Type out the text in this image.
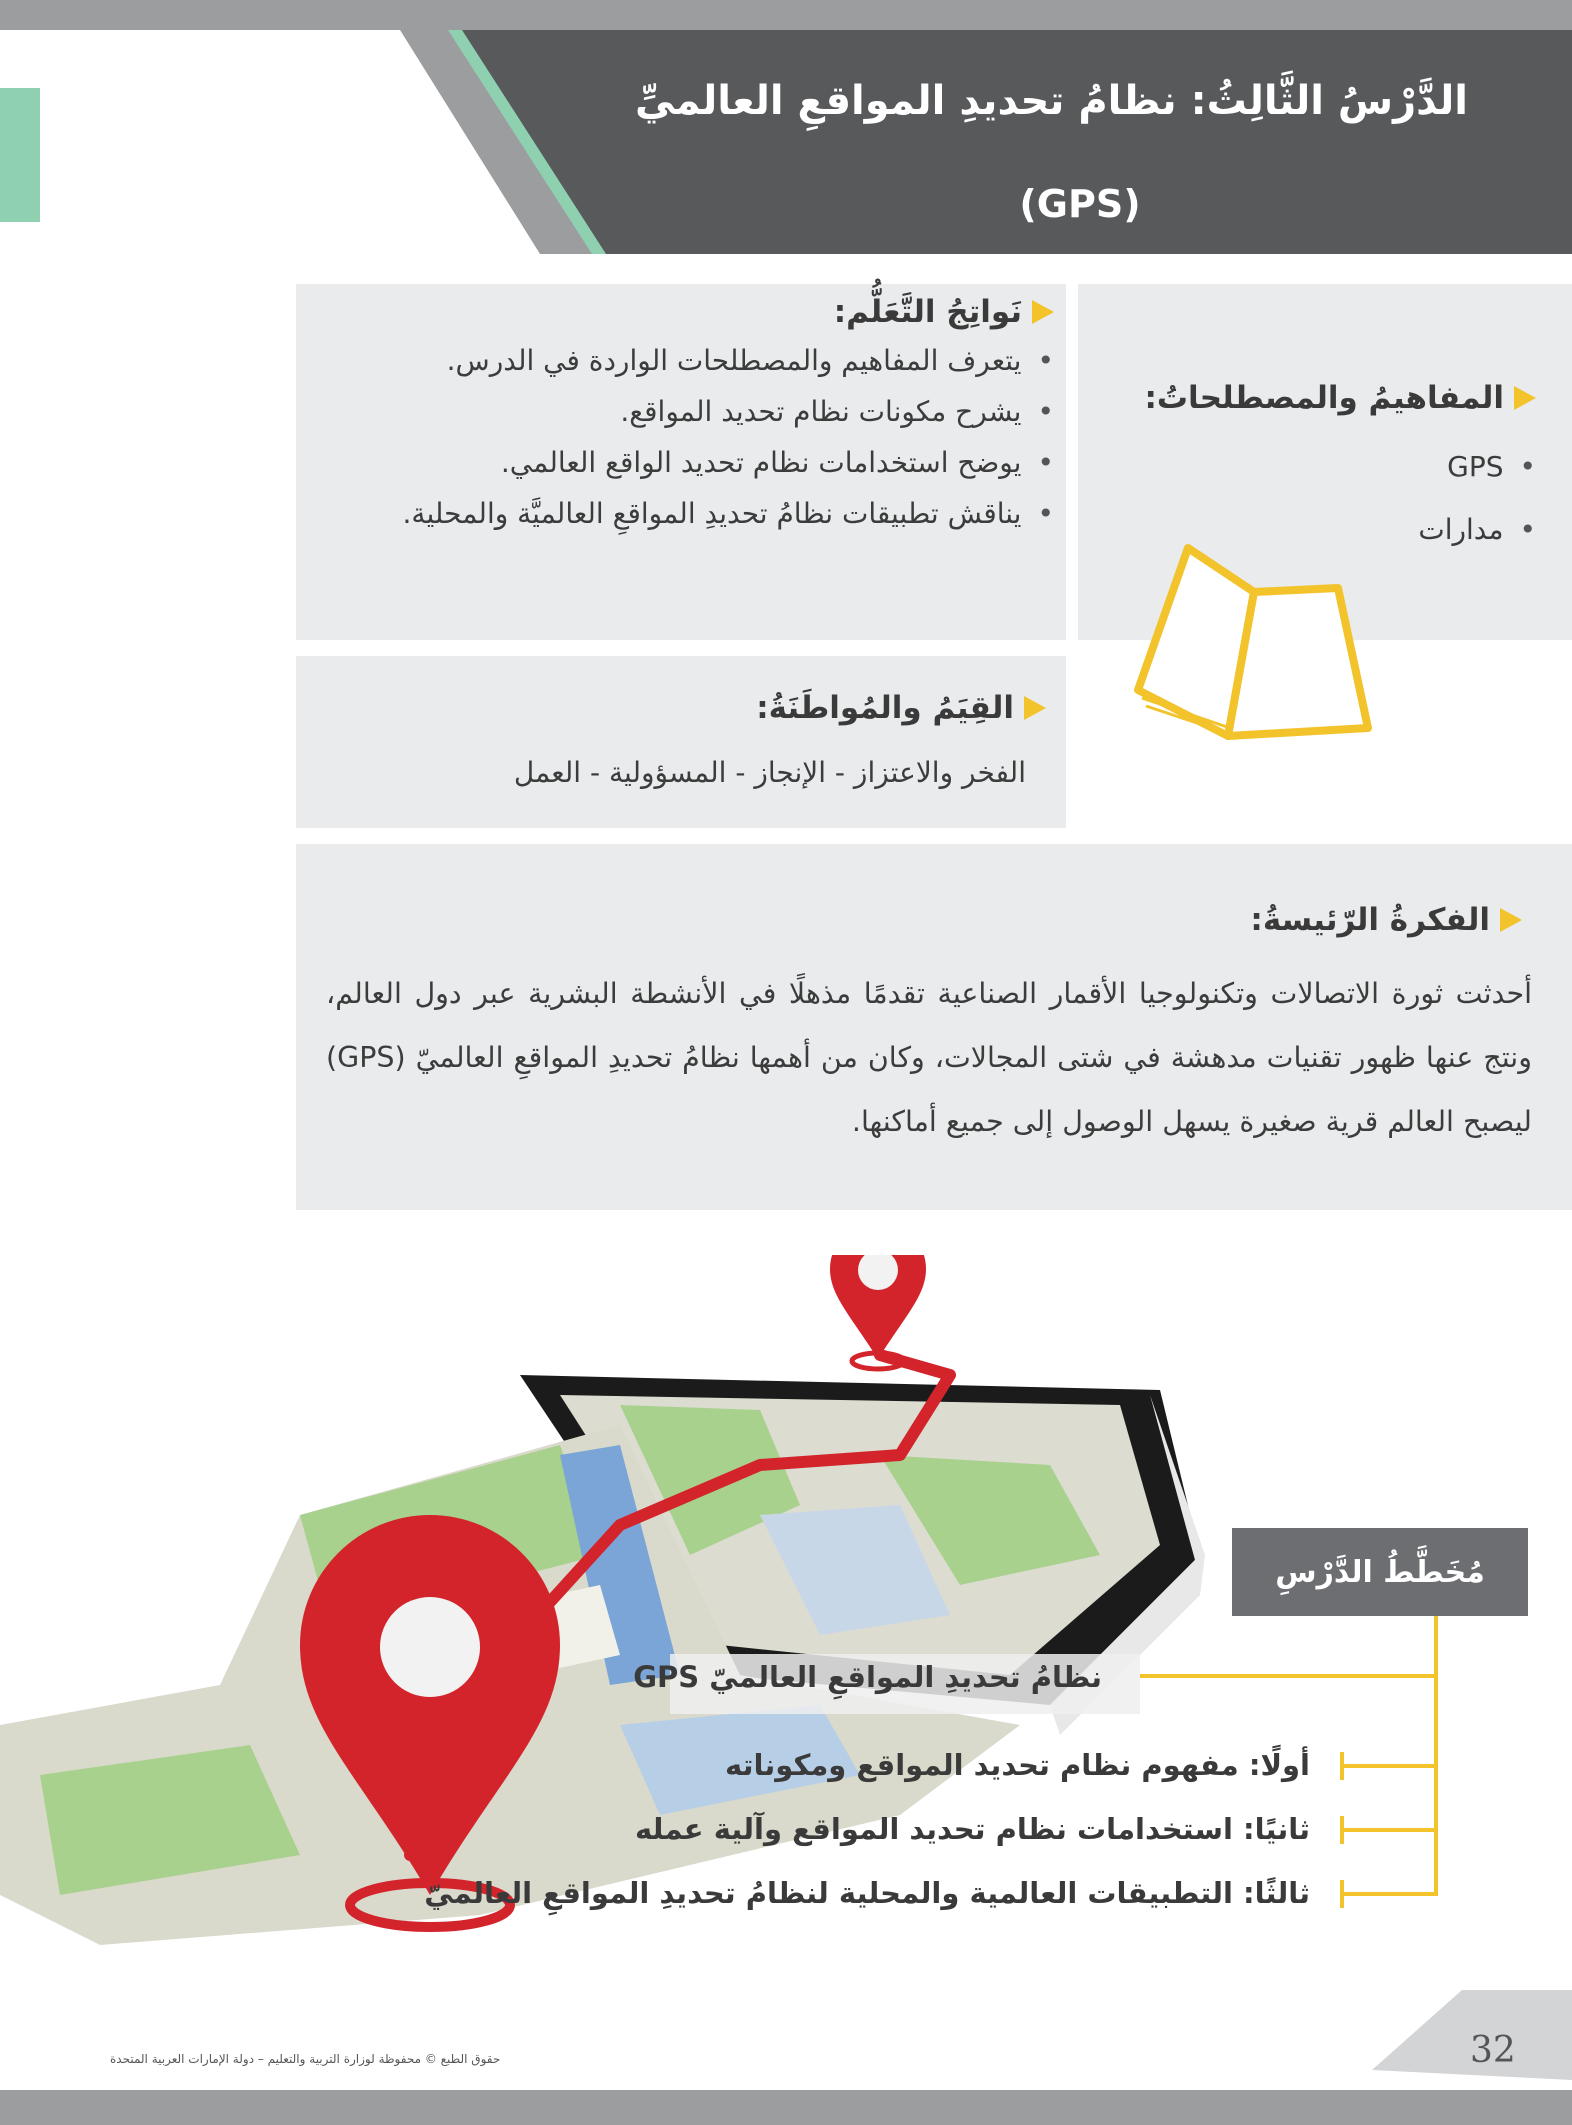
الدَّرْسُ الثَّالِثُ: نظامُ تحديدِ المواقعِ العالميِّ
(GPS)
نَواتِجُ التَّعَلُّم:
• يتعرف المفاهيم والمصطلحات الواردة في الدرس.
• يشرح مكونات نظام تحديد المواقع.
• يوضح استخدامات نظام تحديد الواقع العالمي.
• يناقش تطبيقات نظامُ تحديدِ المواقعِ العالميَّة والمحلية.
المفاهيمُ والمصطلحاتُ:
• GPS
• مدارات
القِيَمُ والمُواطَنَةُ:
الفخر والاعتزاز - الإنجاز - المسؤولية - العمل
الفكرةُ الرّئيسةُ:

أحدثت ثورة الاتصالات وتكنولوجيا الأقمار الصناعية تقدمًا مذهلًا في الأنشطة البشرية عبر دول العالم، ونتج عنها ظهور تقنيات مدهشة في شتى المجالات، وكان من أهمها نظامُ تحديدِ المواقعِ العالميّ (GPS) ليصبح العالم قرية صغيرة يسهل الوصول إلى جميع أماكنها.

مُخَطَّطُ الدَّرْسِ
نظامُ تحديدِ المواقعِ العالميّ GPS
أولًا: مفهوم نظام تحديد المواقع ومكوناته
ثانيًا: استخدامات نظام تحديد المواقع وآلية عمله
ثالثًا: التطبيقات العالمية والمحلية لنظامُ تحديدِ المواقعِ العالميّ
32
حقوق الطبع © محفوظة لوزارة التربية والتعليم – دولة الإمارات العربية المتحدة
